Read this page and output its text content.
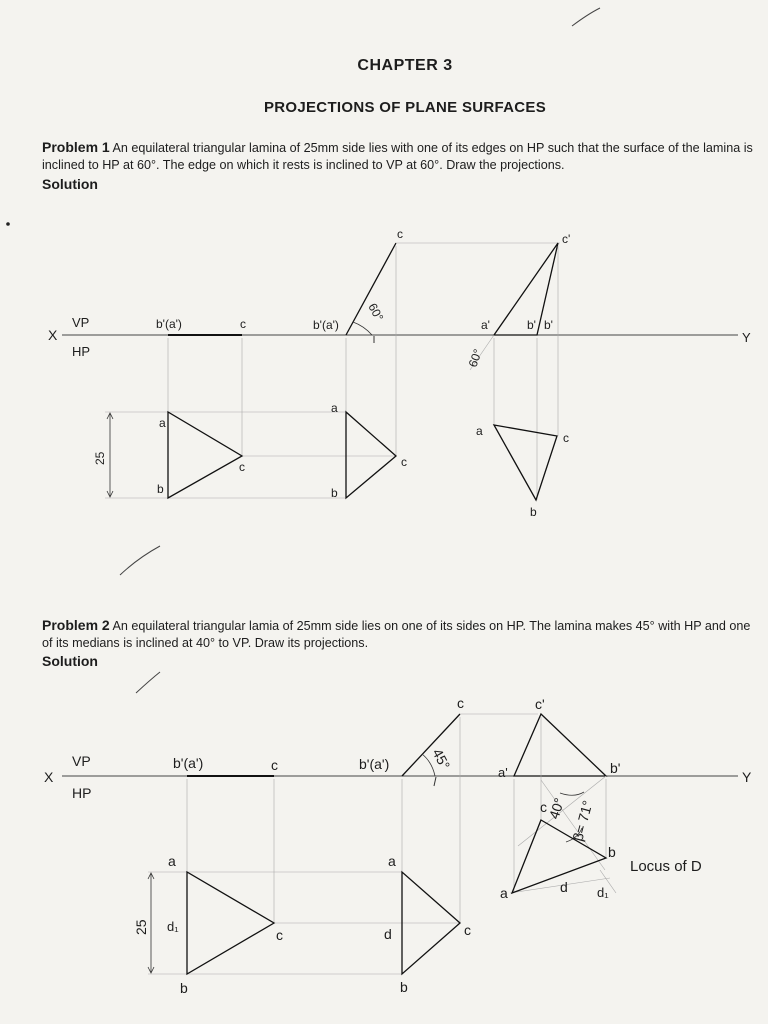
CHAPTER 3
PROJECTIONS OF PLANE SURFACES
Problem 1 An equilateral triangular lamina of 25mm side lies with one of its edges on HP such that the surface of the lamina is inclined to HP at 60°. The edge on which it rests is inclined to VP at 60°. Draw the projections.
Solution
Problem 2 An equilateral triangular lamia of 25mm side lies on one of its sides on HP. The lamina makes 45° with HP and one of its medians is inclined at 40° to VP. Draw its projections.
Solution
X	Y
VP
HP
b'(a')	c
a
b
c
25
c
b'(a')
60°
a
b
c
c'
a'	b' b'
60°
a	c
b
X	Y
VP
HP
b'(a')	c
a
b
c
d₁
25
c
b'(a')	45°
a
b
c
d
c'
a'	b'
40° β= 71°
c
b
a	d d₁
Locus of D
